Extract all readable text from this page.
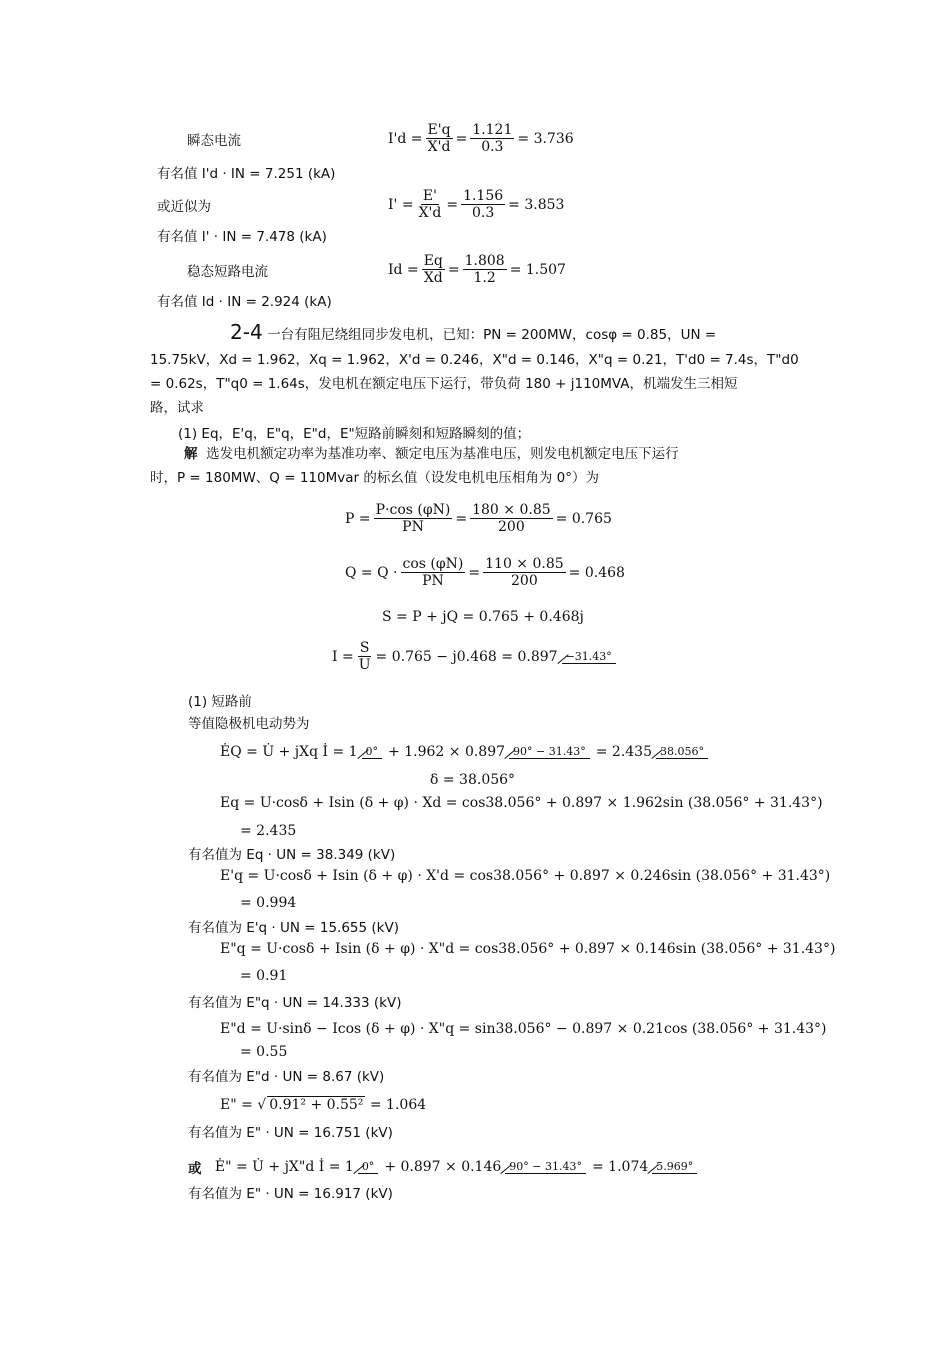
瞬态电流	$I'd = \frac{E'q}{X'd} = \frac{1.121}{0.3} = 3.736$
有名值 I'd · IN = 7.251 (kA)
或近似为	$I' = \frac{E'}{X'd} = \frac{1.156}{0.3} = 3.853$
有名值 I' · IN = 7.478 (kA)
稳态短路电流	$Id = \frac{Eq}{Xd} = \frac{1.808}{1.2} = 1.507$
有名值 Id · IN = 2.924 (kA)
2-4 一台有阻尼绕组同步发电机，已知：PN = 200MW，cosφ = 0.85，UN =
15.75kV，Xd = 1.962，Xq = 1.962，X'd = 0.246，X"d = 0.146，X"q = 0.21，T'd0 = 7.4s，T"d0
= 0.62s，T"q0 = 1.64s，发电机在额定电压下运行，带负荷 180 + j110MVA，机端发生三相短
路，试求
(1) Eq，E'q，E"q，E"d，E"短路前瞬刻和短路瞬刻的值；
解 选发电机额定功率为基准功率、额定电压为基准电压，则发电机额定电压下运行
时，P = 180MW、Q = 110Mvar 的标幺值（设发电机电压相角为 0°）为
$P = \frac{P\cdot\cos (\varphi N)}{PN} = \frac{180 \times 0.85}{200} = 0.765$
$Q = Q \cdot \frac{\cos (\varphi N)}{PN} = \frac{110 \times 0.85}{200} = 0.468$
S = P + jQ = 0.765 + 0.468j
$I = \frac{S}{U} = 0.765 - j0.468 = 0.897 -31.43^\circ$
(1) 短路前
等值隐极机电动势为
ĖQ = U̇ + jXq İ = 1 0° + 1.962 × 0.897 90° − 31.43° = 2.435 38.056°
δ = 38.056°
Eq = U·cosδ + Isin (δ + φ) · Xd = cos38.056° + 0.897 × 1.962sin (38.056° + 31.43°)
= 2.435
有名值为 Eq · UN = 38.349 (kV)
E'q = U·cosδ + Isin (δ + φ) · X'd = cos38.056° + 0.897 × 0.246sin (38.056° + 31.43°)
= 0.994
有名值为 E'q · UN = 15.655 (kV)
E"q = U·cosδ + Isin (δ + φ) · X"d = cos38.056° + 0.897 × 0.146sin (38.056° + 31.43°)
= 0.91
有名值为 E"q · UN = 14.333 (kV)
E"d = U·sinδ − Icos (δ + φ) · X"q = sin38.056° − 0.897 × 0.21cos (38.056° + 31.43°)
= 0.55
有名值为 E"d · UN = 8.67 (kV)
E" = √ 0.91² + 0.55²
= 1.064
有名值为 E" · UN = 16.751 (kV)
或
Ė" = U̇ + jX"d İ = 1 0° + 0.897 × 0.146 90° − 31.43° = 1.074 5.969°
有名值为 E" · UN = 16.917 (kV)
